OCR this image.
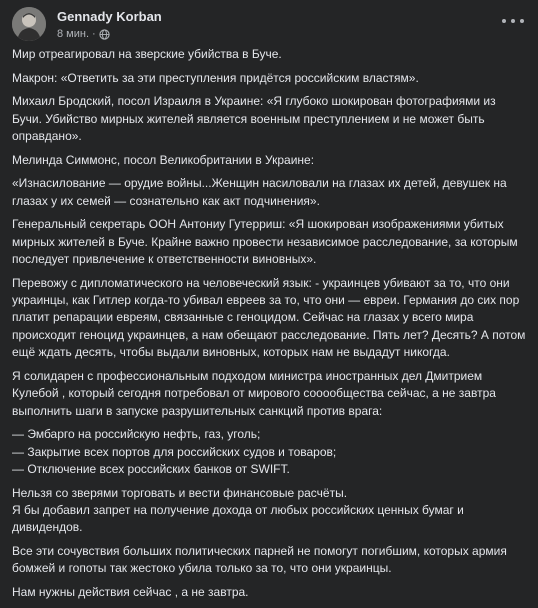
Gennady Korban
8 мин. ·

Мир отреагировал на зверские убийства в Буче.

Макрон: «Ответить за эти преступления придётся российским властям».

Михаил Бродский, посол Израиля в Украине: «Я глубоко шокирован фотографиями из Бучи. Убийство мирных жителей является военным преступлением и не может быть оправдано».

Мелинда Симмонс, посол Великобритании в Украине:

«Изнасилование — орудие войны...Женщин насиловали на глазах их детей, девушек на глазах у их семей — сознательно как акт подчинения».

Генеральный секретарь ООН Антониу Гутерриш: «Я шокирован изображениями убитых мирных жителей в Буче. Крайне важно провести независимое расследование, за которым последует привлечение к ответственности виновных».

Перевожу с дипломатического на человеческий язык: - украинцев убивают за то, что они украинцы, как Гитлер когда-то убивал евреев за то, что они — евреи. Германия до сих пор платит репарации евреям, связанные с геноцидом. Сейчас на глазах у всего мира происходит геноцид украинцев, а нам обещают расследование. Пять лет? Десять? А потом ещё ждать десять, чтобы выдали виновных, которых нам не выдадут никогда.

Я солидарен с профессиональным подходом министра иностранных дел Дмитрием Кулебой , который сегодня потребовал от мирового сооообщества сейчас, а не завтра выполнить шаги в запуске разрушительных санкций против врага:

— Эмбарго на российскую нефть, газ, уголь;
— Закрытие всех портов для российских судов и товаров;
— Отключение всех российских банков от SWIFT.

Нельзя со зверями торговать и вести финансовые расчёты.
Я бы добавил запрет на получение дохода от любых российских ценных бумаг и дивидендов.

Все эти сочувствия больших политических парней не помогут погибшим, которых армия бомжей и гопоты так жестоко убила только за то, что они украинцы.

Нам нужны действия сейчас , а не завтра.
